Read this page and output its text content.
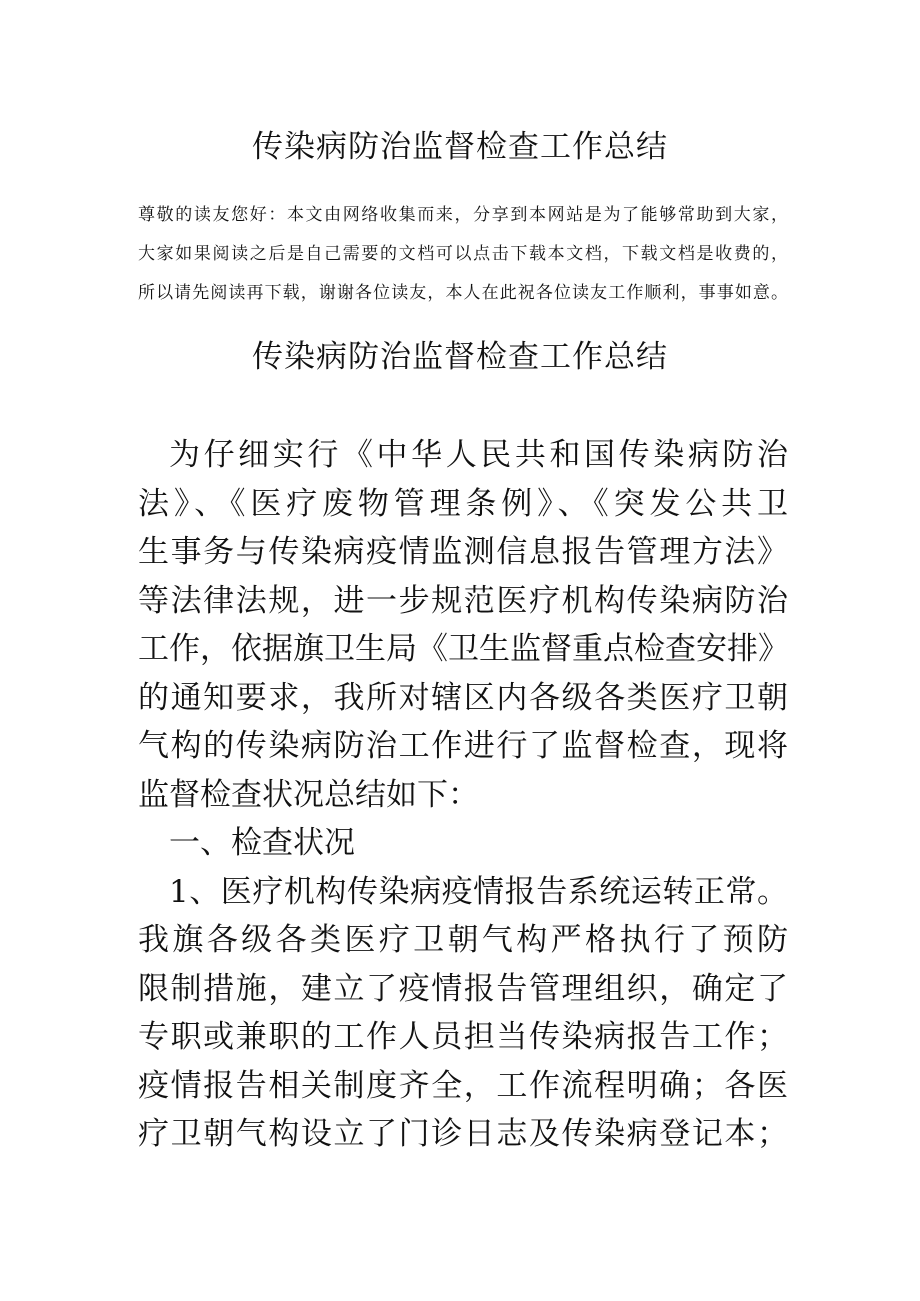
传染病防治监督检查工作总结
尊敬的读友您好：本文由网络收集而来，分享到本网站是为了能够常助到大家，
大家如果阅读之后是自己需要的文档可以点击下载本文档，下载文档是收费的，
所以请先阅读再下载，谢谢各位读友，本人在此祝各位读友工作顺利，事事如意。
传染病防治监督检查工作总结
为仔细实行《中华人民共和国传染病防治
法》、《医疗废物管理条例》、《突发公共卫
生事务与传染病疫情监测信息报告管理方法》
等法律法规，进一步规范医疗机构传染病防治
工作，依据旗卫生局《卫生监督重点检查安排》
的通知要求，我所对辖区内各级各类医疗卫朝
气构的传染病防治工作进行了监督检查，现将
监督检查状况总结如下：
一、检查状况
1、医疗机构传染病疫情报告系统运转正常。
我旗各级各类医疗卫朝气构严格执行了预防
限制措施，建立了疫情报告管理组织，确定了
专职或兼职的工作人员担当传染病报告工作；
疫情报告相关制度齐全，工作流程明确；各医
疗卫朝气构设立了门诊日志及传染病登记本；
